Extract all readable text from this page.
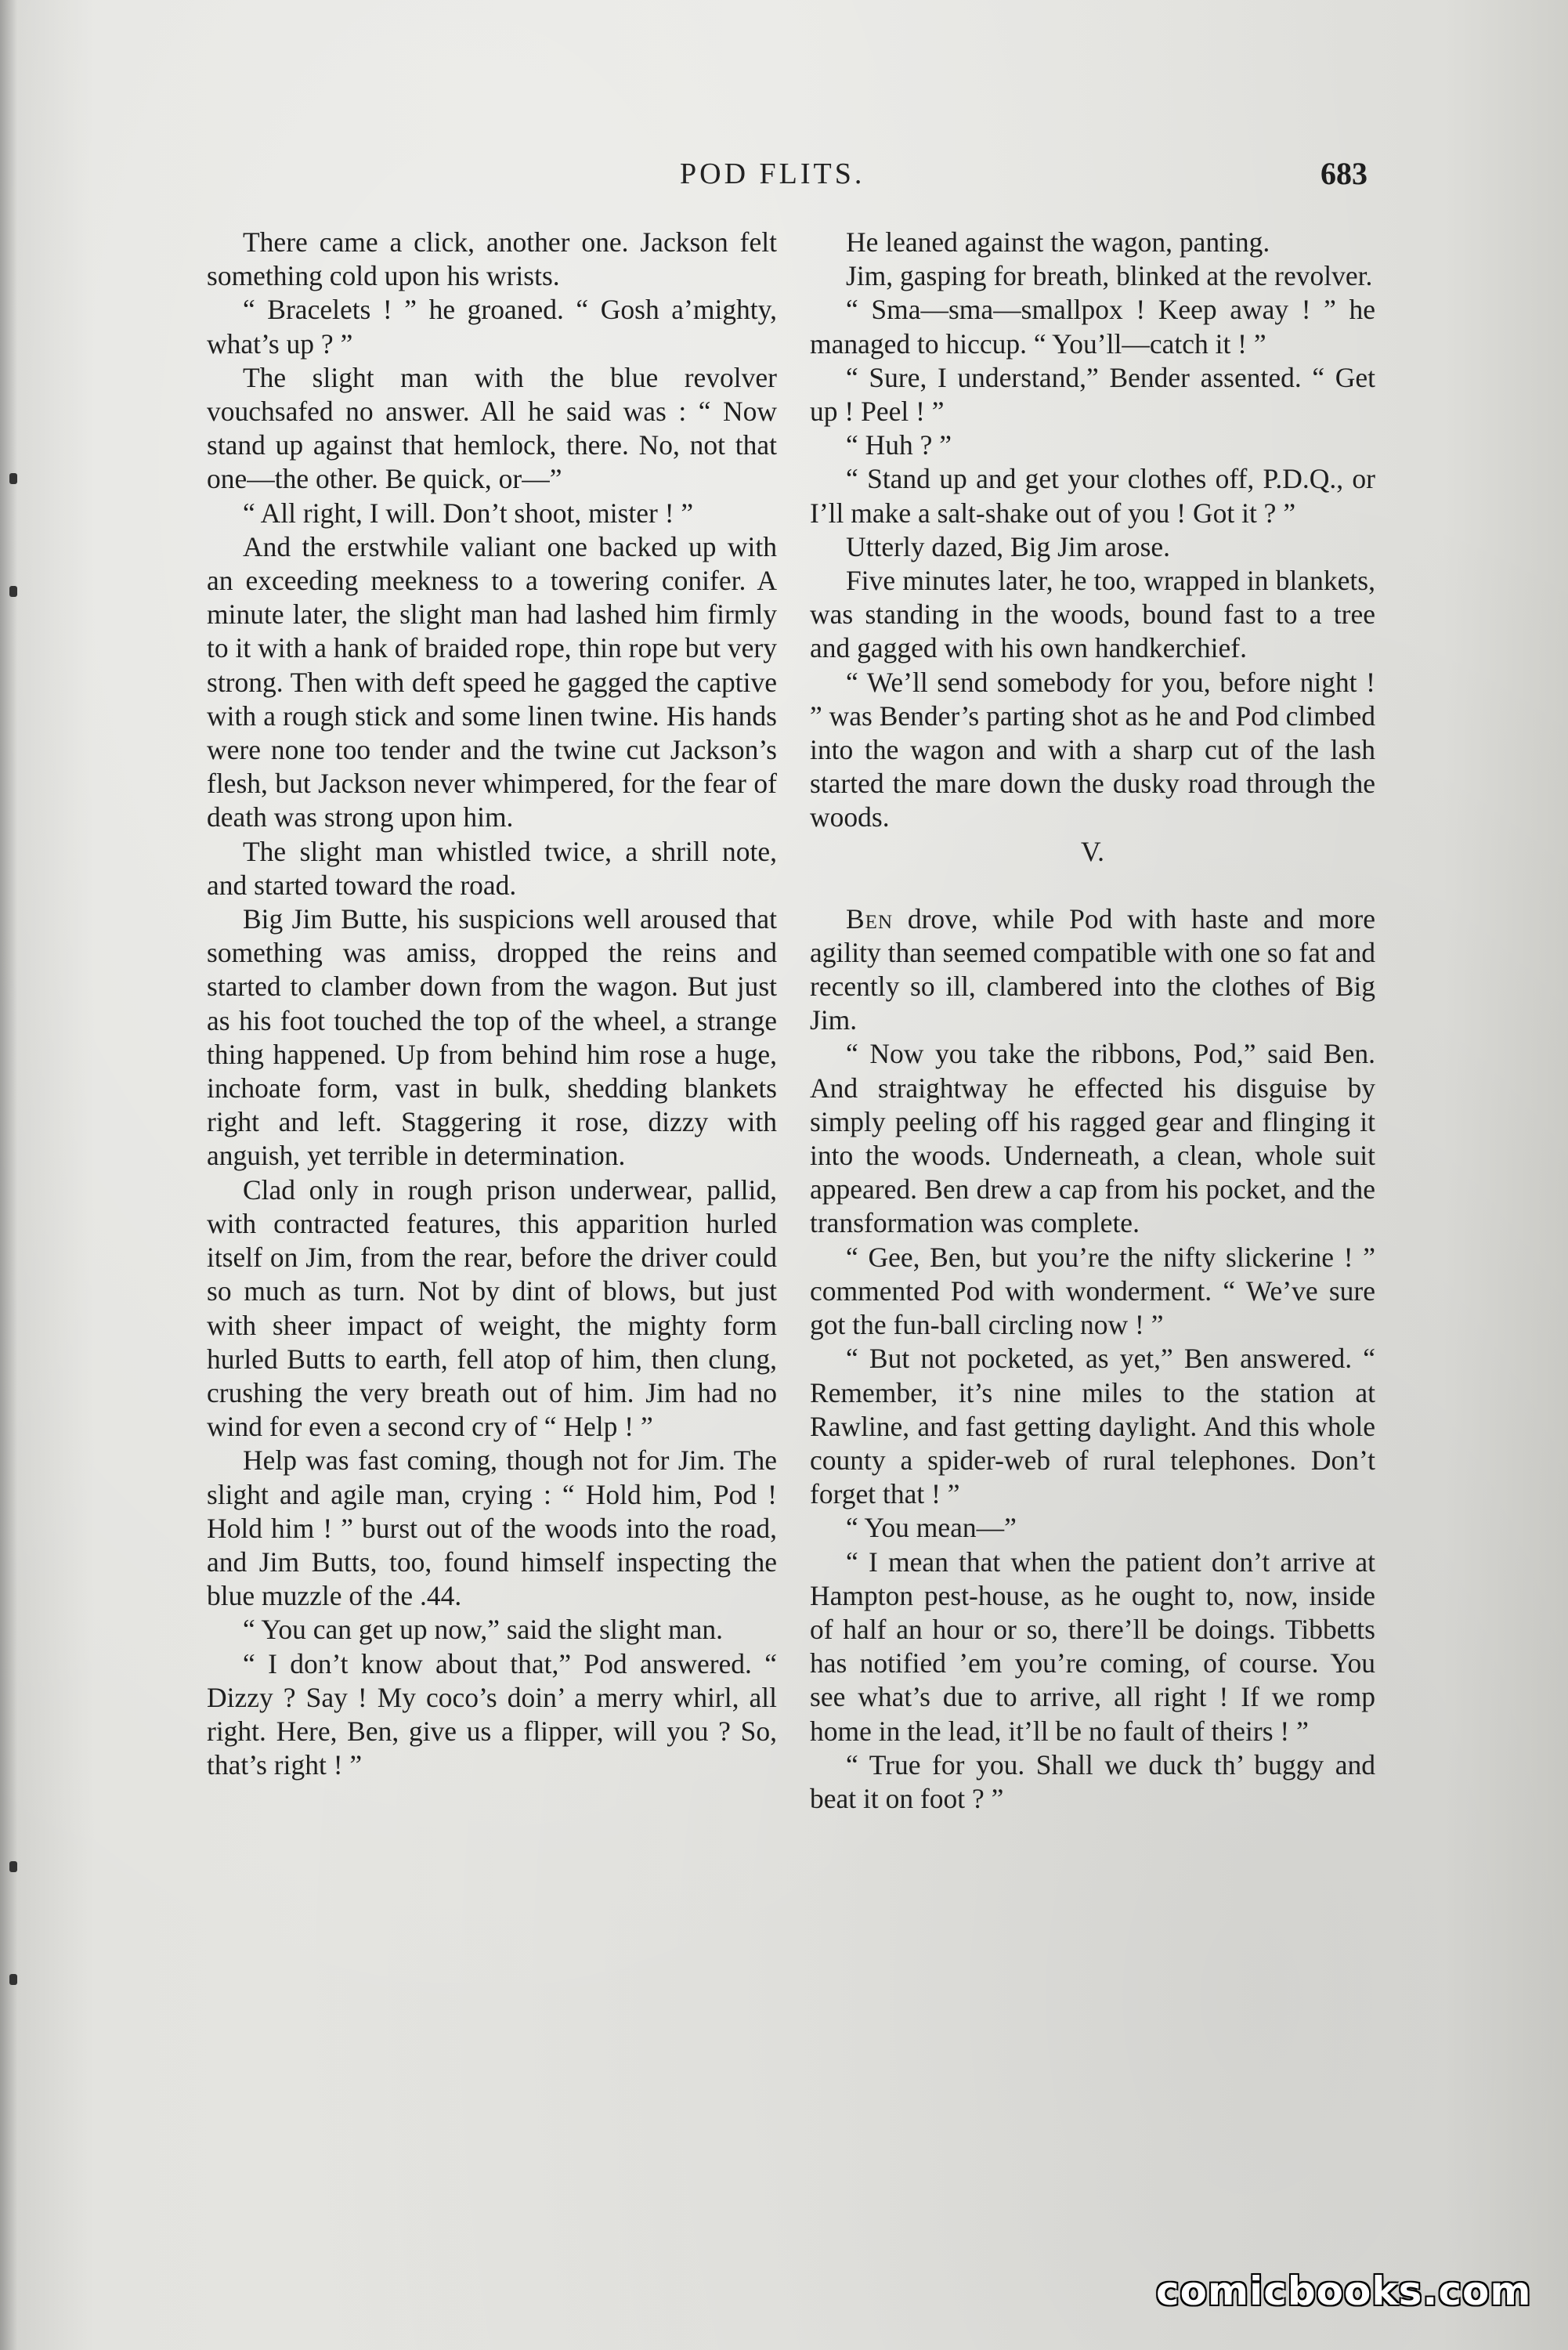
POD FLITS.	683

There came a click, another one. Jackson felt something cold upon his wrists.

“ Bracelets ! ” he groaned. “ Gosh a’mighty, what’s up ? ”

The slight man with the blue revolver vouchsafed no answer. All he said was : “ Now stand up against that hemlock, there. No, not that one—the other. Be quick, or—”

“ All right, I will. Don’t shoot, mister ! ”

And the erstwhile valiant one backed up with an exceeding meekness to a towering conifer. A minute later, the slight man had lashed him firmly to it with a hank of braided rope, thin rope but very strong. Then with deft speed he gagged the captive with a rough stick and some linen twine. His hands were none too tender and the twine cut Jackson’s flesh, but Jackson never whimpered, for the fear of death was strong upon him.

The slight man whistled twice, a shrill note, and started toward the road.

Big Jim Butte, his suspicions well aroused that something was amiss, dropped the reins and started to clamber down from the wagon. But just as his foot touched the top of the wheel, a strange thing happened. Up from behind him rose a huge, inchoate form, vast in bulk, shedding blankets right and left. Staggering it rose, dizzy with anguish, yet terrible in determination.

Clad only in rough prison underwear, pallid, with contracted features, this apparition hurled itself on Jim, from the rear, before the driver could so much as turn. Not by dint of blows, but just with sheer impact of weight, the mighty form hurled Butts to earth, fell atop of him, then clung, crushing the very breath out of him. Jim had no wind for even a second cry of “ Help ! ”

Help was fast coming, though not for Jim. The slight and agile man, crying : “ Hold him, Pod ! Hold him ! ” burst out of the woods into the road, and Jim Butts, too, found himself inspecting the blue muzzle of the .44.

“ You can get up now,” said the slight man.

“ I don’t know about that,” Pod answered. “ Dizzy ? Say ! My coco’s doin’ a merry whirl, all right. Here, Ben, give us a flipper, will you ? So, that’s right ! ”

He leaned against the wagon, panting.

Jim, gasping for breath, blinked at the revolver.

“ Sma—sma—smallpox ! Keep away ! ” he managed to hiccup. “ You’ll—catch it ! ”

“ Sure, I understand,” Bender assented. “ Get up ! Peel ! ”

“ Huh ? ”

“ Stand up and get your clothes off, P.D.Q., or I’ll make a salt-shake out of you ! Got it ? ”

Utterly dazed, Big Jim arose.

Five minutes later, he too, wrapped in blankets, was standing in the woods, bound fast to a tree and gagged with his own handkerchief.

“ We’ll send somebody for you, before night ! ” was Bender’s parting shot as he and Pod climbed into the wagon and with a sharp cut of the lash started the mare down the dusky road through the woods.

V.

Ben drove, while Pod with haste and more agility than seemed compatible with one so fat and recently so ill, clambered into the clothes of Big Jim.

“ Now you take the ribbons, Pod,” said Ben. And straightway he effected his disguise by simply peeling off his ragged gear and flinging it into the woods. Underneath, a clean, whole suit appeared. Ben drew a cap from his pocket, and the transformation was complete.

“ Gee, Ben, but you’re the nifty slickerine ! ” commented Pod with wonderment. “ We’ve sure got the fun-ball circling now ! ”

“ But not pocketed, as yet,” Ben answered. “ Remember, it’s nine miles to the station at Rawline, and fast getting daylight. And this whole county a spider-web of rural telephones. Don’t forget that ! ”

“ You mean—”

“ I mean that when the patient don’t arrive at Hampton pest-house, as he ought to, now, inside of half an hour or so, there’ll be doings. Tibbetts has notified ’em you’re coming, of course. You see what’s due to arrive, all right ! If we romp home in the lead, it’ll be no fault of theirs ! ”

“ True for you. Shall we duck th’ buggy and beat it on foot ? ”

comicbooks.com
